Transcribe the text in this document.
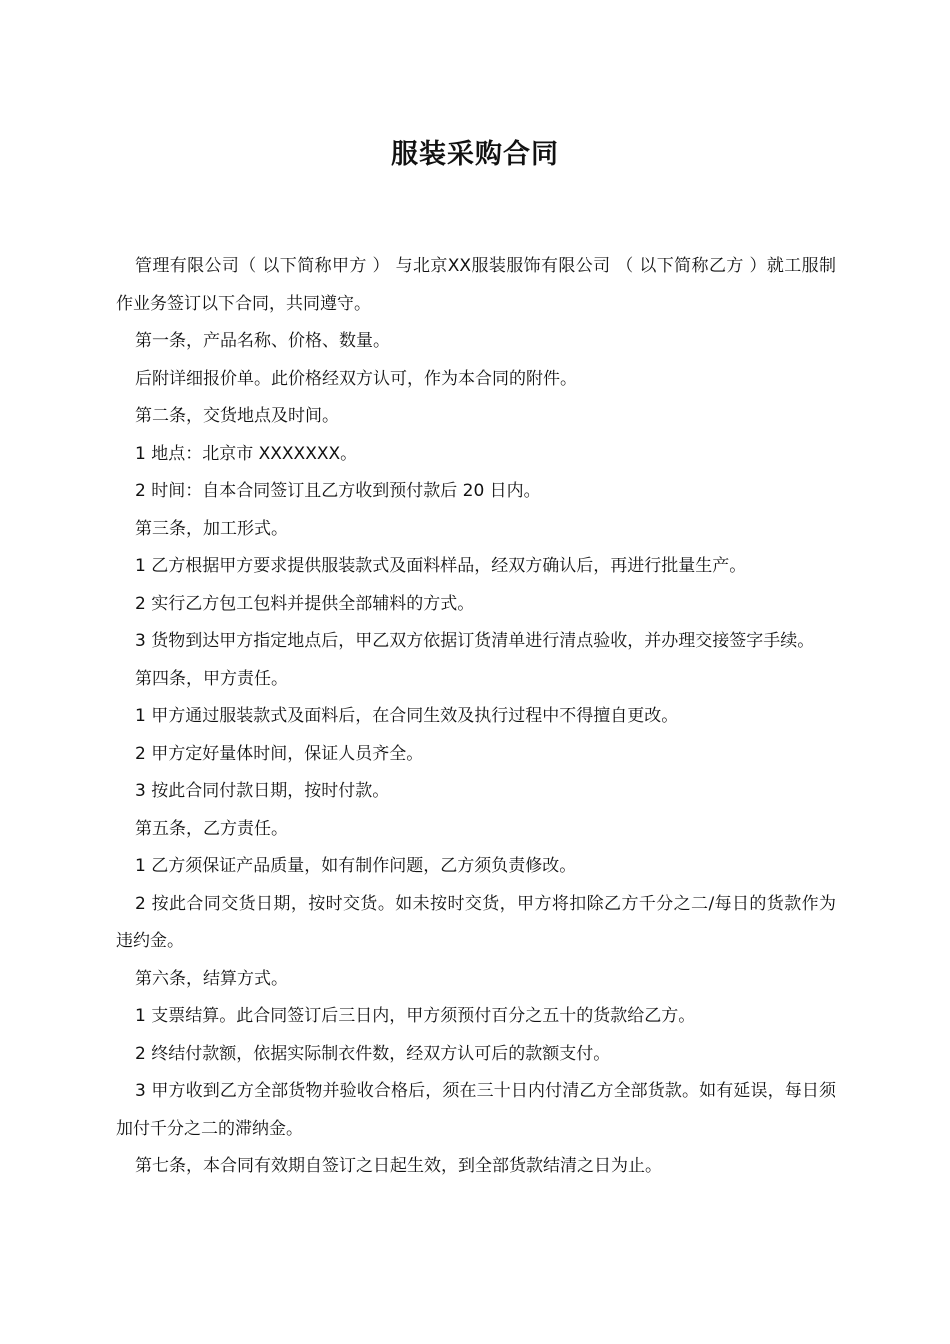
服装采购合同

管理有限公司（ 以下简称甲方 ） 与北京XX服装服饰有限公司 （ 以下简称乙方 ）就工服制作业务签订以下合同，共同遵守。

第一条，产品名称、价格、数量。

后附详细报价单。此价格经双方认可，作为本合同的附件。

第二条，交货地点及时间。

1 地点：北京市 XXXXXXX。

2 时间：自本合同签订且乙方收到预付款后 20 日内。

第三条，加工形式。

1 乙方根据甲方要求提供服装款式及面料样品，经双方确认后，再进行批量生产。

2 实行乙方包工包料并提供全部辅料的方式。

3 货物到达甲方指定地点后，甲乙双方依据订货清单进行清点验收，并办理交接签字手续。

第四条，甲方责任。

1 甲方通过服装款式及面料后，在合同生效及执行过程中不得擅自更改。

2 甲方定好量体时间，保证人员齐全。

3 按此合同付款日期，按时付款。

第五条，乙方责任。

1 乙方须保证产品质量，如有制作问题，乙方须负责修改。

2 按此合同交货日期，按时交货。如未按时交货，甲方将扣除乙方千分之二/每日的货款作为违约金。

第六条，结算方式。

1 支票结算。此合同签订后三日内，甲方须预付百分之五十的货款给乙方。

2 终结付款额，依据实际制衣件数，经双方认可后的款额支付。

3 甲方收到乙方全部货物并验收合格后，须在三十日内付清乙方全部货款。如有延误，每日须加付千分之二的滞纳金。

第七条，本合同有效期自签订之日起生效，到全部货款结清之日为止。
